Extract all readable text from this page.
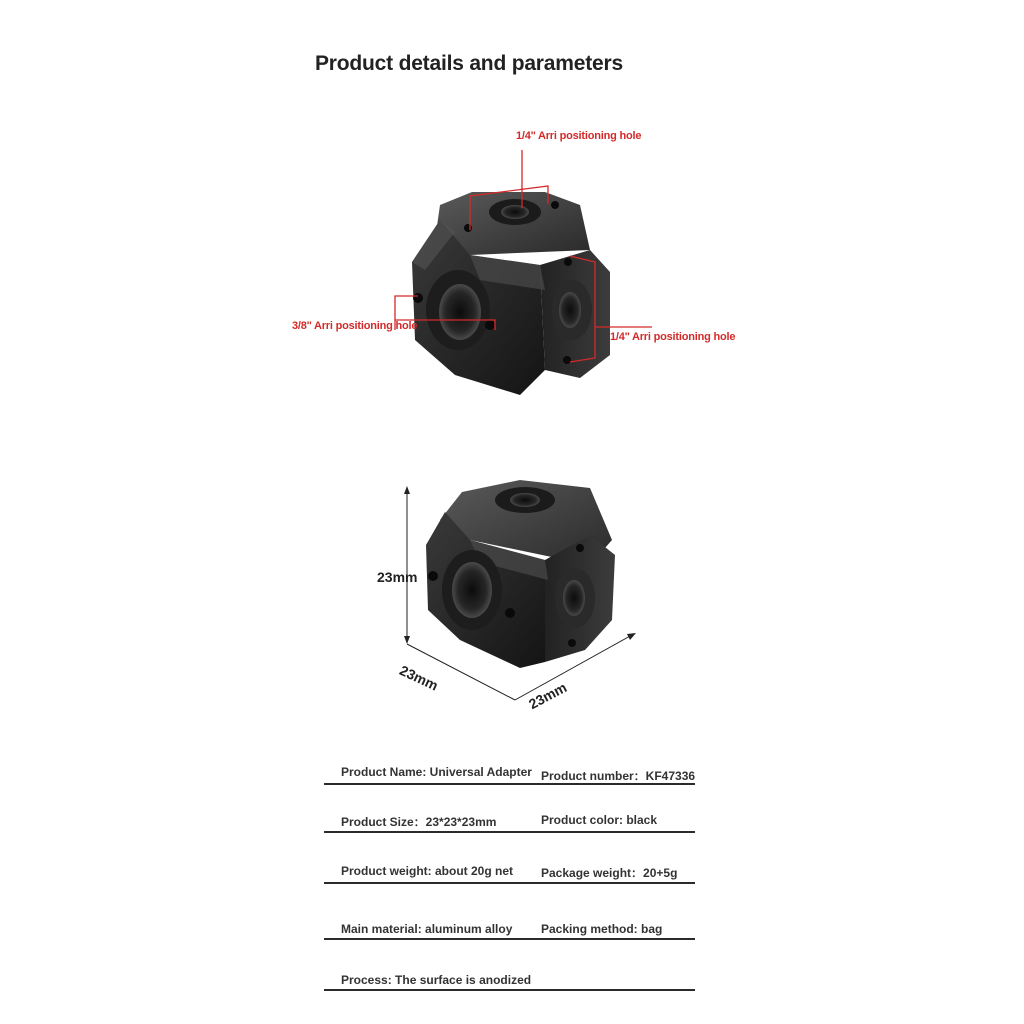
Product details and parameters
1/4'' Arri positioning hole
3/8'' Arri positioning hole
1/4'' Arri positioning hole
23mm
23mm
23mm
Product Name: Universal Adapter Product number：KF47336
Product Size：23*23*23mm	Product color: black
Product weight: about 20g net Package weight：20+5g
Main material: aluminum alloy Packing method: bag
Process: The surface is anodized
